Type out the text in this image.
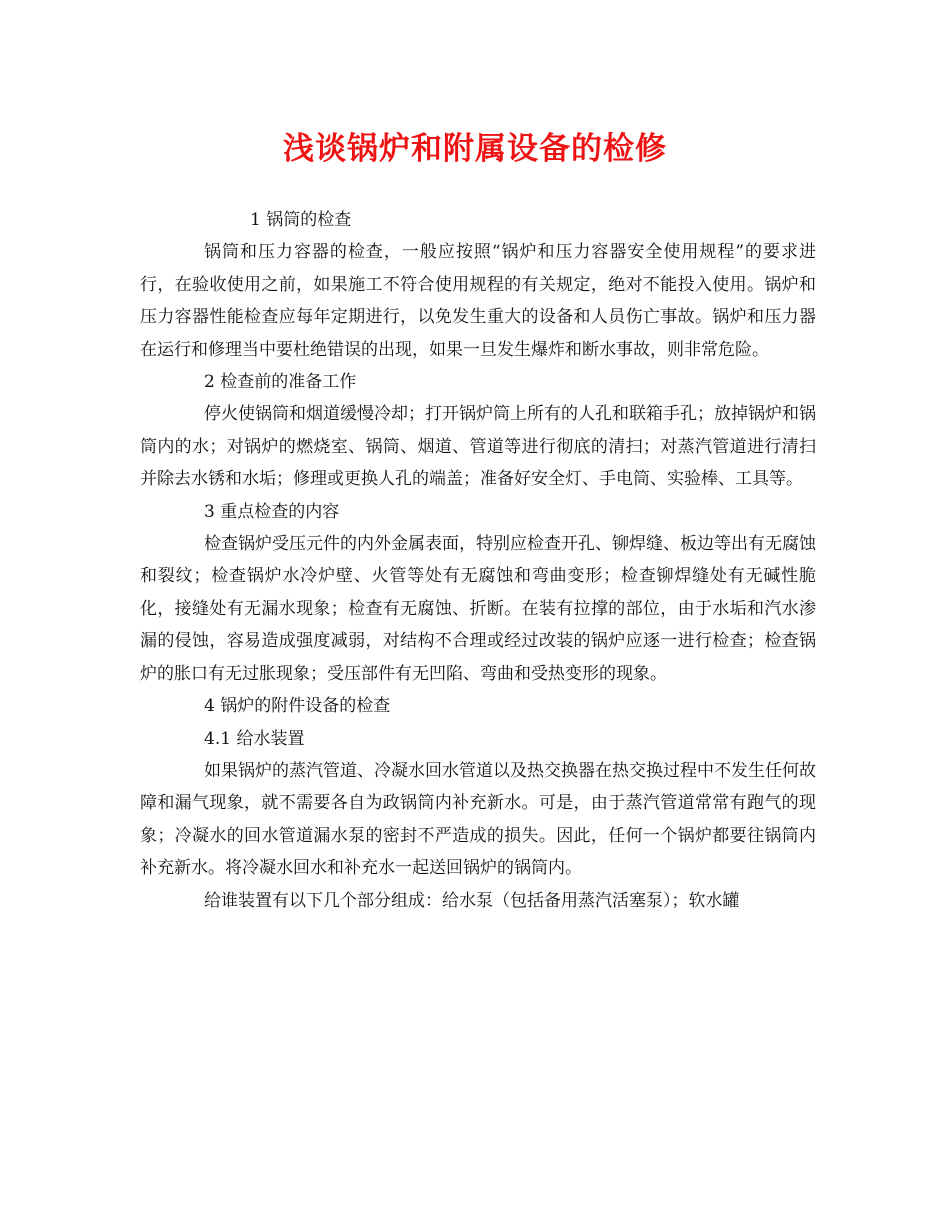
浅谈锅炉和附属设备的检修

1 锅筒的检查

锅筒和压力容器的检查，一般应按照“锅炉和压力容器安全使用规程”的要求进行，在验收使用之前，如果施工不符合使用规程的有关规定，绝对不能投入使用。锅炉和压力容器性能检查应每年定期进行，以免发生重大的设备和人员伤亡事故。锅炉和压力器在运行和修理当中要杜绝错误的出现，如果一旦发生爆炸和断水事故，则非常危险。

2 检查前的准备工作

停火使锅筒和烟道缓慢冷却；打开锅炉筒上所有的人孔和联箱手孔；放掉锅炉和锅筒内的水；对锅炉的燃烧室、锅筒、烟道、管道等进行彻底的清扫；对蒸汽管道进行清扫并除去水锈和水垢；修理或更换人孔的端盖；准备好安全灯、手电筒、实验棒、工具等。

3 重点检查的内容

检查锅炉受压元件的内外金属表面，特别应检查开孔、铆焊缝、板边等出有无腐蚀和裂纹；检查锅炉水冷炉壁、火管等处有无腐蚀和弯曲变形；检查铆焊缝处有无碱性脆化，接缝处有无漏水现象；检查有无腐蚀、折断。在装有拉撑的部位，由于水垢和汽水渗漏的侵蚀，容易造成强度减弱，对结构不合理或经过改装的锅炉应逐一进行检查；检查锅炉的胀口有无过胀现象；受压部件有无凹陷、弯曲和受热变形的现象。

4 锅炉的附件设备的检查

4.1 给水装置

如果锅炉的蒸汽管道、冷凝水回水管道以及热交换器在热交换过程中不发生任何故障和漏气现象，就不需要各自为政锅筒内补充新水。可是，由于蒸汽管道常常有跑气的现象；冷凝水的回水管道漏水泵的密封不严造成的损失。因此，任何一个锅炉都要往锅筒内补充新水。将冷凝水回水和补充水一起送回锅炉的锅筒内。

给谁装置有以下几个部分组成：给水泵（包括备用蒸汽活塞泵）；软水罐
